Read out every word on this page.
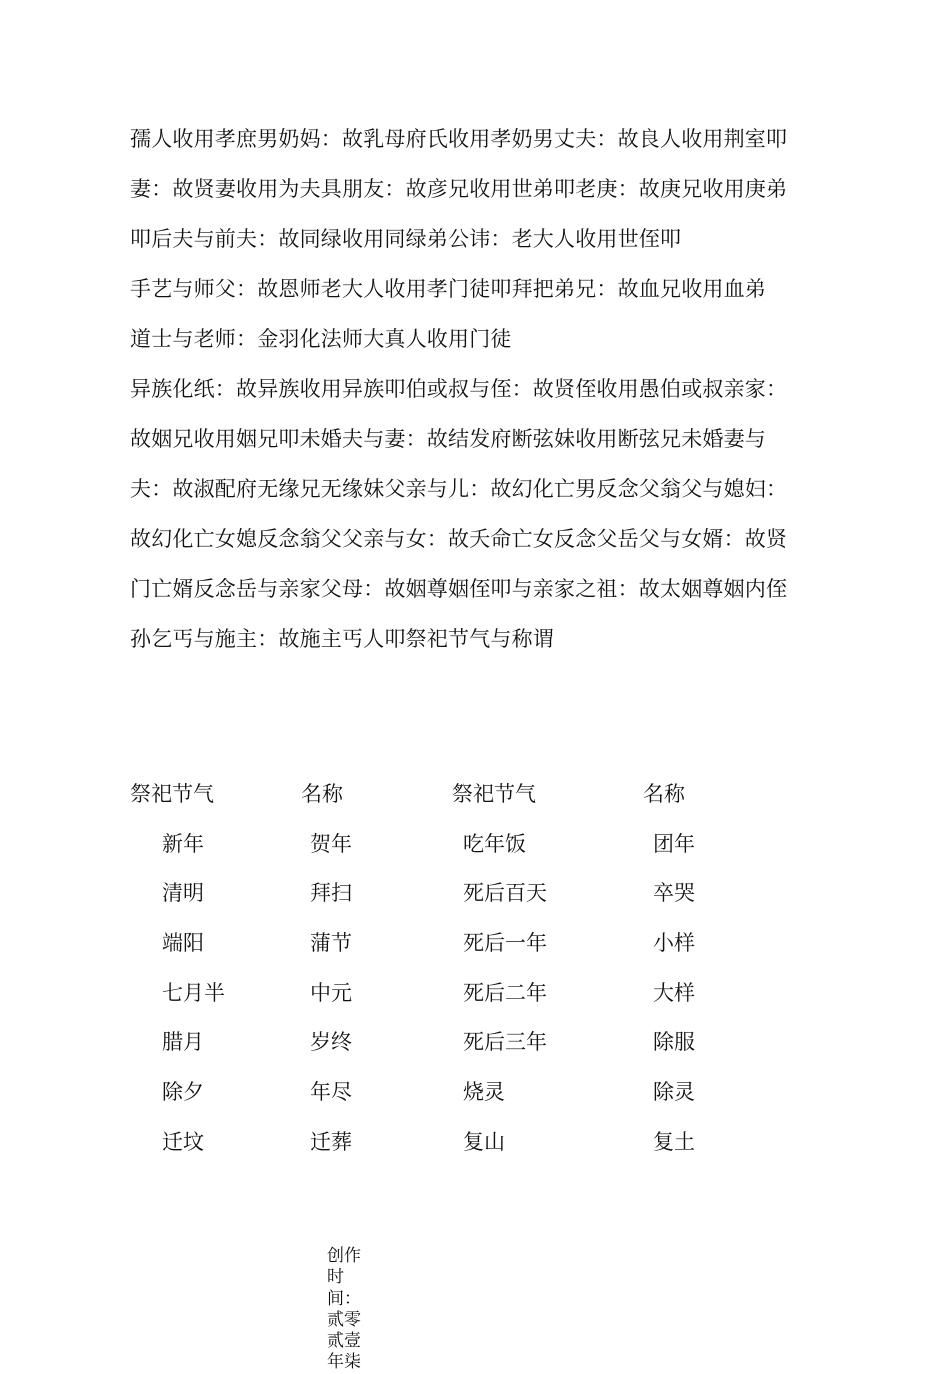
孺人收用孝庶男奶妈：故乳母府氏收用孝奶男丈夫：故良人收用荆室叩妻：故贤妻收用为夫具朋友：故彦兄收用世弟叩老庚：故庚兄收用庚弟叩后夫与前夫：故同绿收用同绿弟公讳：老大人收用世侄叩

手艺与师父：故恩师老大人收用孝门徒叩拜把弟兄：故血兄收用血弟

道士与老师：金羽化法师大真人收用门徒

异族化纸：故异族收用异族叩伯或叔与侄：故贤侄收用愚伯或叔亲家：故姻兄收用姻兄叩未婚夫与妻：故结发府断弦妹收用断弦兄未婚妻与夫：故淑配府无缘兄无缘妹父亲与儿：故幻化亡男反念父翁父与媳妇：故幻化亡女媳反念翁父父亲与女：故夭命亡女反念父岳父与女婿：故贤门亡婿反念岳与亲家父母：故姻尊姻侄叩与亲家之祖：故太姻尊姻内侄孙乞丐与施主：故施主丐人叩祭祀节气与称谓

祭祀节气	名称	祭祀节气	名称
新年	贺年	吃年饭	团年
清明	拜扫	死后百天	卒哭
端阳	蒲节	死后一年	小样
七月半	中元	死后二年	大样
腊月	岁终	死后三年	除服
除夕	年尽	烧灵	除灵
迁坟	迁葬	复山	复土
创作时间：贰零贰壹年柒
